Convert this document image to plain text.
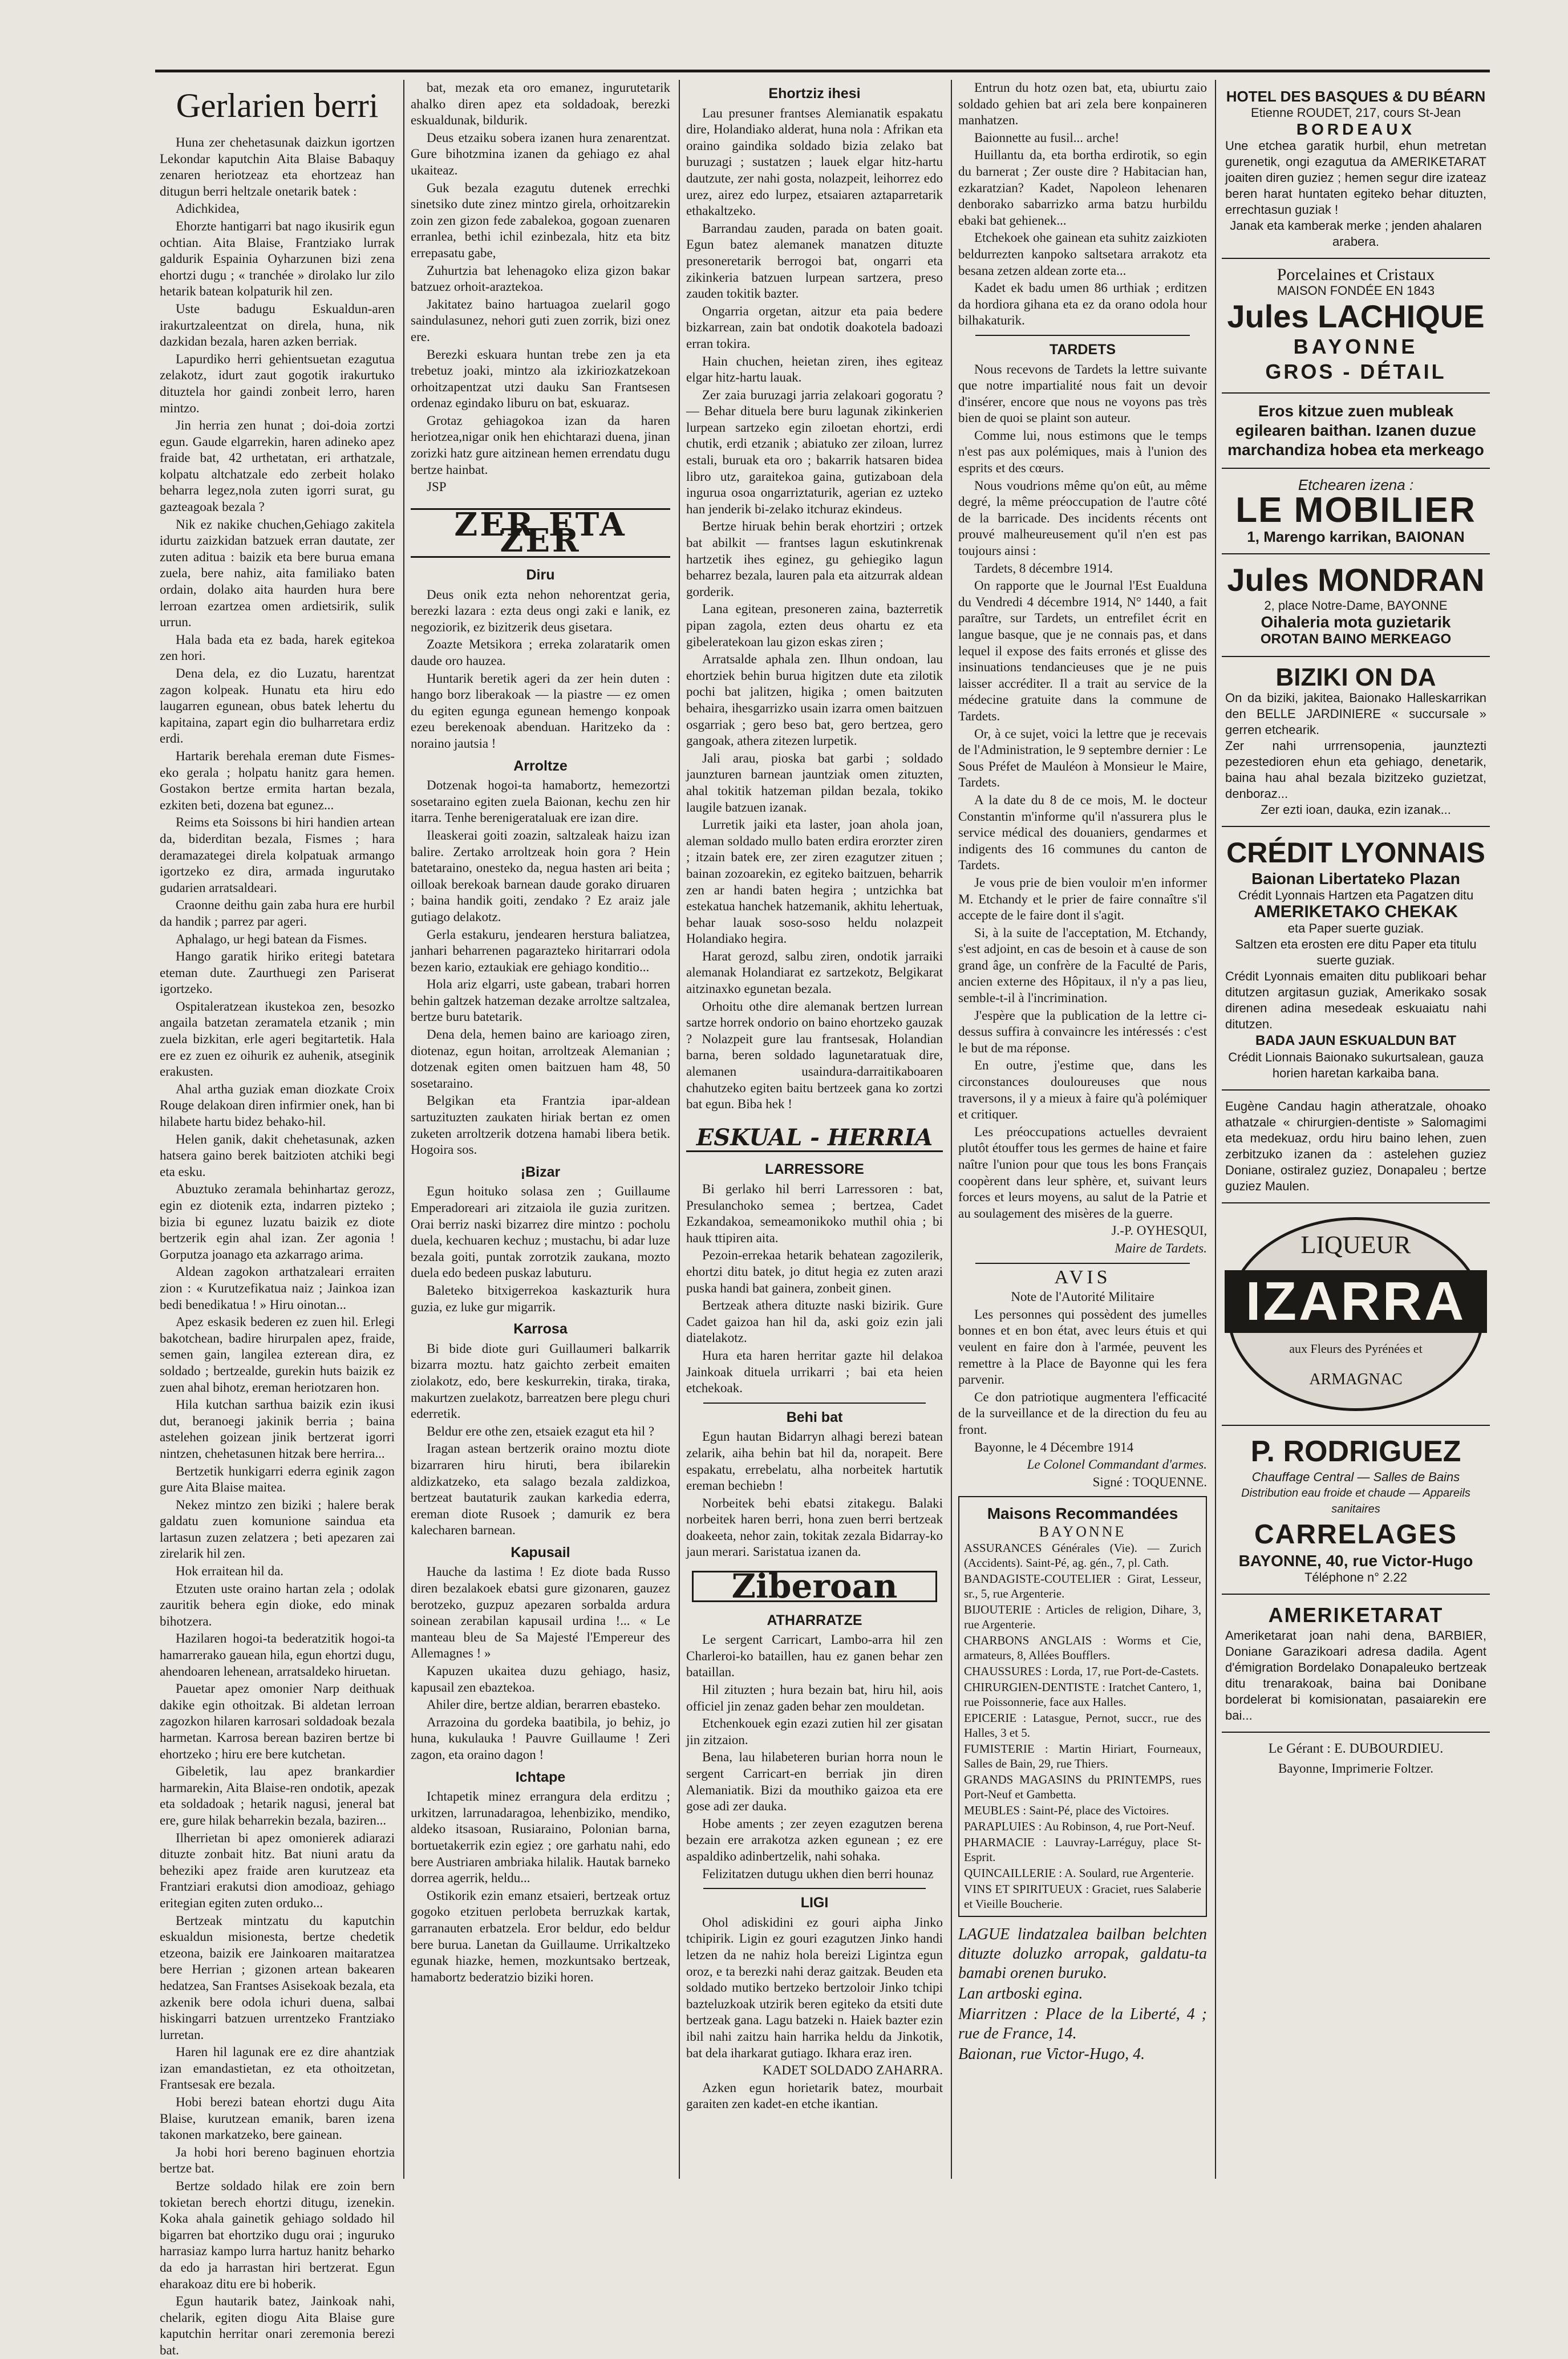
Gerlarien berri

Huna zer chehetasunak daizkun igortzen Lekondar kaputchin Aita Blaise Babaquy zenaren heriotzeaz eta ehortzeaz han ditugun berri heltzale onetarik batek :

Adichkidea,

Ehorzte hantigarri bat nago ikusirik egun ochtian. Aita Blaise, Frantziako lurrak galdurik Espainia Oyharzunen bizi zena ehortzi dugu ; « tranchée » dirolako lur zilo hetarik batean kolpaturik hil zen.

Uste badugu Eskualdun-aren irakurtzaleentzat on direla, huna, nik dazkidan bezala, haren azken berriak.

Lapurdiko herri gehientsuetan ezagutua zelakotz, idurt zaut gogotik irakurtuko dituztela hor gaindi zonbeit lerro, haren mintzo.

Jin herria zen hunat ; doi-doia zortzi egun. Gaude elgarrekin, haren adineko apez fraide bat, 42 urthetatan, eri arthatzale, kolpatu altchatzale edo zerbeit holako beharra legez,nola zuten igorri surat, gu gazteagoak bezala ?

Nik ez nakike chuchen,Gehiago zakitela idurtu zaizkidan batzuek erran dautate, zer zuten aditua : baizik eta bere burua emana zuela, bere nahiz, aita familiako baten ordain, dolako aita haurden hura bere lerroan ezartzea omen ardietsirik, sulik urrun.

Hala bada eta ez bada, harek egitekoa zen hori.

Dena dela, ez dio Luzatu, harentzat zagon kolpeak. Hunatu eta hiru edo laugarren egunean, obus batek lehertu du kapitaina, zapart egin dio bulharretara erdiz erdi.

Hartarik berehala ereman dute Fismes-eko gerala ; holpatu hanitz gara hemen. Gostakon bertze ermita hartan bezala, ezkiten beti, dozena bat egunez...

Reims eta Soissons bi hiri handien artean da, biderditan bezala, Fismes ; hara deramazategei direla kolpatuak armango igortzeko ez dira, armada ingurutako gudarien arratsaldeari.

Craonne deithu gain zaba hura ere hurbil da handik ; parrez par ageri.

Aphalago, ur hegi batean da Fismes.

Hango garatik hiriko eritegi batetara eteman dute. Zaurthuegi zen Pariserat igortzeko.

Ospitaleratzean ikustekoa zen, besozko angaila batzetan zeramatela etzanik ; min zuela bizkitan, erle ageri begitartetik. Hala ere ez zuen ez oihurik ez auhenik, atseginik erakusten.

Ahal artha guziak eman diozkate Croix Rouge delakoan diren infirmier onek, han bi hilabete hartu bidez behako-hil.

Helen ganik, dakit chehetasunak, azken hatsera gaino berek baitzioten atchiki begi eta esku.

Abuztuko zeramala behinhartaz gerozz, egin ez diotenik ezta, indarren pizteko ; bizia bi egunez luzatu baizik ez diote bertzerik egin ahal izan. Zer agonia ! Gorputza joanago eta azkarrago arima.

Aldean zagokon arthatzaleari erraiten zion : « Kurutzefikatua naiz ; Jainkoa izan bedi benedikatua ! » Hiru oinotan...

Apez eskasik bederen ez zuen hil. Erlegi bakotchean, badire hirurpalen apez, fraide, semen gain, langilea ezterean dira, ez soldado ; bertzealde, gurekin huts baizik ez zuen ahal bihotz, ereman heriotzaren hon.

Hila kutchan sarthua baizik ezin ikusi dut, beranoegi jakinik berria ; baina astelehen goizean jinik bertzerat igorri nintzen, chehetasunen hitzak bere herrira...

Bertzetik hunkigarri ederra eginik zagon gure Aita Blaise maitea.

Nekez mintzo zen biziki ; halere berak galdatu zuen komunione saindua eta lartasun zuzen zelatzera ; beti apezaren zai zirelarik hil zen.

Hok erraitean hil da.

Etzuten uste oraino hartan zela ; odolak zauritik behera egin dioke, edo minak bihotzera.

Hazilaren hogoi-ta bederatzitik hogoi-ta hamarrerako gauean hila, egun ehortzi dugu, ahendoaren lehenean, arratsaldeko hiruetan.

Pauetar apez omonier Narp deithuak dakike egin othoitzak. Bi aldetan lerroan zagozkon hilaren karrosari soldadoak bezala harmetan. Karrosa berean baziren bertze bi ehortzeko ; hiru ere bere kutchetan.

Gibeletik, lau apez brankardier harmarekin, Aita Blaise-ren ondotik, apezak eta soldadoak ; hetarik nagusi, jeneral bat ere, gure hilak beharrekin bezala, baziren...

Ilherrietan bi apez omonierek adiarazi dituzte zonbait hitz. Bat niuni aratu da beheziki apez fraide aren kurutzeaz eta Frantziari erakutsi dion amodioaz, gehiago eritegian egiten zuten orduko...

Bertzeak mintzatu du kaputchin eskualdun misionesta, bertze chedetik etzeona, baizik ere Jainkoaren maitaratzea bere Herrian ; gizonen artean bakearen hedatzea, San Frantses Asisekoak bezala, eta azkenik bere odola ichuri duena, salbai hiskingarri batzuen urrentzeko Frantziako lurretan.

Haren hil lagunak ere ez dire ahantziak izan emandastietan, ez eta othoitzetan, Frantsesak ere bezala.

Hobi berezi batean ehortzi dugu Aita Blaise, kurutzean emanik, baren izena takonen markatzeko, bere gainean.

Ja hobi hori bereno baginuen ehortzia bertze bat.

Bertze soldado hilak ere zoin bern tokietan berech ehortzi ditugu, izenekin. Koka ahala gainetik gehiago soldado hil bigarren bat ehortziko dugu orai ; inguruko harrasiaz kampo lurra hartuz hanitz beharko da edo ja harrastan hiri bertzerat. Egun eharakoaz ditu ere bi hoberik.

Egun hautarik batez, Jainkoak nahi, chelarik, egiten diogu Aita Blaise gure kaputchin herritar onari zeremonia berezi bat.

bat, mezak eta oro emanez, ingurutetarik ahalko diren apez eta soldadoak, berezki eskualdunak, bildurik.

Deus etzaiku sobera izanen hura zenarentzat. Gure bihotzmina izanen da gehiago ez ahal ukaiteaz.

Guk bezala ezagutu dutenek errechki sinetsiko dute zinez mintzo girela, orhoitzarekin zoin zen gizon fede zabalekoa, gogoan zuenaren erranlea, bethi ichil ezinbezala, hitz eta bitz errepasatu gabe,

Zuhurtzia bat lehenagoko eliza gizon bakar batzuez orhoit-araztekoa.

Jakitatez baino hartuagoa zuelaril gogo saindulasunez, nehori guti zuen zorrik, bizi onez ere.

Berezki eskuara huntan trebe zen ja eta trebetuz joaki, mintzo ala izkiriozkatzekoan orhoitzapentzat utzi dauku San Frantsesen ordenaz egindako liburu on bat, eskuaraz.

Grotaz gehiagokoa izan da haren heriotzea,nigar onik hen ehichtarazi duena, jinan zorizki hatz gure aitzinean hemen errendatu dugu bertze hainbat.

JSP

ZER ETA ZER
Diru

Deus onik ezta nehon nehorentzat geria, berezki lazara : ezta deus ongi zaki e lanik, ez negoziorik, ez bizitzerik deus gisetara.

Zoazte Metsikora ; erreka zolaratarik omen daude oro hauzea.

Huntarik beretik ageri da zer hein duten : hango borz liberakoak — la piastre — ez omen du egiten egunga egunean hemengo konpoak ezeu berekenoak abenduan. Haritzeko da : noraino jautsia !

Arroltze

Dotzenak hogoi-ta hamabortz, hemezortzi sosetaraino egiten zuela Baionan, kechu zen hir itarra. Tenhe berenigerataluak ere izan dire.

Ileaskerai goiti zoazin, saltzaleak haizu izan balire. Zertako arroltzeak hoin gora ? Hein batetaraino, onesteko da, negua hasten ari beita ; oilloak berekoak barnean daude gorako diruaren ; baina handik goiti, zendako ? Ez araiz jale gutiago delakotz.

Gerla estakuru, jendearen herstura baliatzea, janhari beharrenen pagarazteko hiritarrari odola bezen kario, eztaukiak ere gehiago konditio...

Hola ariz elgarri, uste gabean, trabari horren behin galtzek hatzeman dezake arroltze saltzalea, bertze buru batetarik.

Dena dela, hemen baino are karioago ziren, diotenaz, egun hoitan, arroltzeak Alemanian ; dotzenak egiten omen baitzuen ham 48, 50 sosetaraino.

Belgikan eta Frantzia ipar-aldean sartuzituzten zaukaten hiriak bertan ez omen zuketen arroltzerik dotzena hamabi libera betik. Hogoira sos.

¡Bizar

Egun hoituko solasa zen ; Guillaume Emperadoreari ari zitzaiola ile guzia zuritzen. Orai berriz naski bizarrez dire mintzo : pocholu duela, kechuaren kechuz ; mustachu, bi adar luze bezala goiti, puntak zorrotzik zaukana, mozto duela edo bedeen puskaz labuturu.

Baleteko bitxigerrekoa kaskazturik hura guzia, ez luke gur migarrik.

Karrosa

Bi bide diote guri Guillaumeri balkarrik bizarra moztu. hatz gaichto zerbeit emaiten ziolakotz, edo, bere keskurrekin, tiraka, tiraka, makurtzen zuelakotz, barreatzen bere plegu churi ederretik.

Beldur ere othe zen, etsaiek ezagut eta hil ?

Iragan astean bertzerik oraino moztu diote bizarraren hiru hiruti, bera ibilarekin aldizkatzeko, eta salago bezala zaldizkoa, bertzeat bautaturik zaukan karkedia ederra, ereman diote Rusoek ; damurik ez bera kalecharen barnean.

Kapusail

Hauche da lastima ! Ez diote bada Russo diren bezalakoek ebatsi gure gizonaren, gauzez berotzeko, guzpuz apezaren sorbalda ardura soinean zerabilan kapusail urdina !... « Le manteau bleu de Sa Majesté l'Empereur des Allemagnes ! »

Kapuzen ukaitea duzu gehiago, hasiz, kapusail zen ebaztekoa.

Ahiler dire, bertze aldian, berarren ebasteko.

Arrazoina du gordeka baatibila, jo behiz, jo huna, kukulauka ! Pauvre Guillaume ! Zeri zagon, eta oraino dagon !

Ichtape

Ichtapetik minez errangura dela erditzu ; urkitzen, larrunadaragoa, lehenbiziko, mendiko, aldeko itsasoan, Rusiaraino, Polonian barna, bortuetakerrik ezin egiez ; ore garhatu nahi, edo bere Austriaren ambriaka hilalik. Hautak barneko dorrea agerrik, heldu...

Ostikorik ezin emanz etsaieri, bertzeak ortuz gogoko etzituen perlobeta berruzkak kartak, garranauten erbatzela. Eror beldur, edo beldur bere burua. Lanetan da Guillaume. Urrikaltzeko egunak hiazke, hemen, mozkuntsako bertzeak, hamabortz bederatzio biziki horen.

Ehortziz ihesi

Lau presuner frantses Alemianatik espakatu dire, Holandiako alderat, huna nola : Afrikan eta oraino gaindika soldado bizia zelako bat buruzagi ; sustatzen ; lauek elgar hitz-hartu dautzute, zer nahi gosta, nolazpeit, leihorrez edo urez, airez edo lurpez, etsaiaren aztaparretarik ethakaltzeko.

Barrandau zauden, parada on baten goait. Egun batez alemanek manatzen dituzte presoneretarik berrogoi bat, ongarri eta zikinkeria batzuen lurpean sartzera, preso zauden tokitik bazter.

Ongarria orgetan, aitzur eta paia bedere bizkarrean, zain bat ondotik doakotela badoazi erran tokira.

Hain chuchen, heietan ziren, ihes egiteaz elgar hitz-hartu lauak.

Zer zaia buruzagi jarria zelakoari gogoratu ? — Behar dituela bere buru lagunak zikinkerien lurpean sartzeko egin ziloetan ehortzi, erdi chutik, erdi etzanik ; abiatuko zer ziloan, lurrez estali, buruak eta oro ; bakarrik hatsaren bidea libro utz, garaitekoa gaina, gutizaboan dela ingurua osoa ongarriztaturik, agerian ez uzteko han jenderik bi-zelako itchuraz ekindeus.

Bertze hiruak behin berak ehortziri ; ortzek bat abilkit — frantses lagun eskutinkrenak hartzetik ihes eginez, gu gehiegiko lagun beharrez bezala, lauren pala eta aitzurrak aldean gorderik.

Lana egitean, presoneren zaina, bazterretik pipan zagola, ezten deus ohartu ez eta gibeleratekoan lau gizon eskas ziren ;

Arratsalde aphala zen. Ilhun ondoan, lau ehortziek behin burua higitzen dute eta zilotik pochi bat jalitzen, higika ; omen baitzuten behaira, ihesgarrizko usain izarra omen baitzuen osgarriak ; gero beso bat, gero bertzea, gero gangoak, athera zitezen lurpetik.

Jali arau, pioska bat garbi ; soldado jaunzturen barnean jauntziak omen zituzten, ahal tokitik hatzeman pildan bezala, tokiko laugile batzuen izanak.

Lurretik jaiki eta laster, joan ahola joan, aleman soldado mullo baten erdira erorzter ziren ; itzain batek ere, zer ziren ezagutzer zituen ; bainan zozoarekin, ez egiteko baitzuen, beharrik zen ar handi baten hegira ; untzichka bat estekatua hanchek hatzemanik, akhitu lehertuak, behar lauak soso-soso heldu nolazpeit Holandiako hegira.

Harat gerozd, salbu ziren, ondotik jarraiki alemanak Holandiarat ez sartzekotz, Belgikarat aitzinaxko egunetan bezala.

Orhoitu othe dire alemanak bertzen lurrean sartze horrek ondorio on baino ehortzeko gauzak ? Nolazpeit gure lau frantsesak, Holandian barna, beren soldado lagunetaratuak dire, alemanen usaindura-darraitikaboaren chahutzeko egiten baitu bertzeek gana ko zortzi bat egun. Biba hek !

ESKUAL - HERRIA
LARRESSORE

Bi gerlako hil berri Larressoren : bat, Presulanchoko semea ; bertzea, Cadet Ezkandakoa, semeamonikoko muthil ohia ; bi hauk ttipiren aita.

Pezoin-errekaa hetarik behatean zagozilerik, ehortzi ditu batek, jo ditut hegia ez zuten arazi puska handi bat gainera, zonbeit ginen.

Bertzeak athera dituzte naski bizirik. Gure Cadet gaizoa han hil da, aski goiz ezin jali diatelakotz.

Hura eta haren herritar gazte hil delakoa Jainkoak dituela urrikarri ; bai eta heien etchekoak.

Behi bat

Egun hautan Bidarryn alhagi berezi batean zelarik, aiha behin bat hil da, norapeit. Bere espakatu, errebelatu, alha norbeitek hartutik ereman bechiebn !

Norbeitek behi ebatsi zitakegu. Balaki norbeitek haren berri, hona zuen berri bertzeak doakeeta, nehor zain, tokitak zezala Bidarray-ko jaun merari. Saristatua izanen da.

Ziberoan
ATHARRATZE

Le sergent Carricart, Lambo-arra hil zen Charleroi-ko bataillen, hau ez ganen behar zen bataillan.

Hil zituzten ; hura bezain bat, hiru hil, aois officiel jin zenaz gaden behar zen mouldetan.

Etchenkouek egin ezazi zutien hil zer gisatan jin zitzaion.

Bena, lau hilabeteren burian horra noun le sergent Carricart-en berriak jin diren Alemaniatik. Bizi da mouthiko gaizoa eta ere gose adi zer dauka.

Hobe aments ; zer zeyen ezagutzen berena bezain ere arrakotza azken egunean ; ez ere aspaldiko adinbertzelik, nahi sohaka.

Felizitatzen dutugu ukhen dien berri hounaz

LIGI

Ohol adiskidini ez gouri aipha Jinko tchipirik. Ligin ez gouri ezagutzen Jinko handi letzen da ne nahiz hola bereizi Ligintza egun oroz, e ta berezki nahi deraz gaitzak. Beuden eta soldado mutiko bertzeko bertzoloir Jinko tchipi bazteluzkoak utzirik beren egiteko da etsiti dute bertzeak gana. Lagu batzeki n. Haiek bazter ezin ibil nahi zaitzu hain harrika heldu da Jinkotik, bat dela iharkarat gutiago. Ikhara eraz iren.

KADET SOLDADO ZAHARRA.

Azken egun horietarik batez, mourbait garaiten zen kadet-en etche ikantian.

Entrun du hotz ozen bat, eta, ubiurtu zaio soldado gehien bat ari zela bere konpaineren manhatzen.

Baionnette au fusil... arche!

Huillantu da, eta bortha erdirotik, so egin du barnerat ; Zer ouste dire ? Habitacian han, ezkaratzian? Kadet, Napoleon lehenaren denborako sabarrizko arma batzu hurbildu ebaki bat gehienek...

Etchekoek ohe gainean eta suhitz zaizkioten beldurrezten kanpoko saltsetara arrakotz eta besana zetzen aldean zorte eta...

Kadet ek badu umen 86 urthiak ; erditzen da hordiora gihana eta ez da orano odola hour bilhakaturik.

TARDETS

Nous recevons de Tardets la lettre suivante que notre impartialité nous fait un devoir d'insérer, encore que nous ne voyons pas très bien de quoi se plaint son auteur.

Comme lui, nous estimons que le temps n'est pas aux polémiques, mais à l'union des esprits et des cœurs.

Nous voudrions même qu'on eût, au même degré, la même préoccupation de l'autre côté de la barricade. Des incidents récents ont prouvé malheureusement qu'il n'en est pas toujours ainsi :

Tardets, 8 décembre 1914.

On rapporte que le Journal l'Est Eualduna du Vendredi 4 décembre 1914, N° 1440, a fait paraître, sur Tardets, un entrefilet écrit en langue basque, que je ne connais pas, et dans lequel il expose des faits erronés et glisse des insinuations tendancieuses que je ne puis laisser accréditer. Il a trait au service de la médecine gratuite dans la commune de Tardets.

Or, à ce sujet, voici la lettre que je recevais de l'Administration, le 9 septembre dernier : Le Sous Préfet de Mauléon à Monsieur le Maire, Tardets.

A la date du 8 de ce mois, M. le docteur Constantin m'informe qu'il n'assurera plus le service médical des douaniers, gendarmes et indigents des 16 communes du canton de Tardets.

Je vous prie de bien vouloir m'en informer M. Etchandy et le prier de faire connaître s'il accepte de le faire dont il s'agit.

Si, à la suite de l'acceptation, M. Etchandy, s'est adjoint, en cas de besoin et à cause de son grand âge, un confrère de la Faculté de Paris, ancien externe des Hôpitaux, il n'y a pas lieu, semble-t-il à l'incrimination.

J'espère que la publication de la lettre ci-dessus suffira à convaincre les intéressés : c'est le but de ma réponse.

En outre, j'estime que, dans les circonstances douloureuses que nous traversons, il y a mieux à faire qu'à polémiquer et critiquer.

Les préoccupations actuelles devraient plutôt étouffer tous les germes de haine et faire naître l'union pour que tous les bons Français coopèrent dans leur sphère, et, suivant leurs forces et leurs moyens, au salut de la Patrie et au soulagement des misères de la guerre.

J.-P. OYHESQUI,

Maire de Tardets.

AVIS

Note de l'Autorité Militaire

Les personnes qui possèdent des jumelles bonnes et en bon état, avec leurs étuis et qui veulent en faire don à l'armée, peuvent les remettre à la Place de Bayonne qui les fera parvenir.

Ce don patriotique augmentera l'efficacité de la surveillance et de la direction du feu au front.

Bayonne, le 4 Décembre 1914

Le Colonel Commandant d'armes.

Signé : TOQUENNE.

Maisons Recommandées

BAYONNE

ASSURANCES Générales (Vie). — Zurich (Accidents). Saint-Pé, ag. gén., 7, pl. Cath.

BANDAGISTE-COUTELIER : Girat, Lesseur, sr., 5, rue Argenterie.

BIJOUTERIE : Articles de religion, Dihare, 3, rue Argenterie.

CHARBONS ANGLAIS : Worms et Cie, armateurs, 8, Allées Boufflers.

CHAUSSURES : Lorda, 17, rue Port-de-Castets.

CHIRURGIEN-DENTISTE : Iratchet Cantero, 1, rue Poissonnerie, face aux Halles.

EPICERIE : Latasgue, Pernot, succr., rue des Halles, 3 et 5.

FUMISTERIE : Martin Hiriart, Fourneaux, Salles de Bain, 29, rue Thiers.

GRANDS MAGASINS du PRINTEMPS, rues Port-Neuf et Gambetta.

MEUBLES : Saint-Pé, place des Victoires.

PARAPLUIES : Au Robinson, 4, rue Port-Neuf.

PHARMACIE : Lauvray-Larréguy, place St-Esprit.

QUINCAILLERIE : A. Soulard, rue Argenterie.

VINS ET SPIRITUEUX : Graciet, rues Salaberie et Vieille Boucherie.

LAGUE lindatzalea bailban belchten dituzte doluzko arropak, galdatu-ta bamabi orenen buruko.

Lan artboski egina.

Miarritzen : Place de la Liberté, 4 ; rue de France, 14.

Baionan, rue Victor-Hugo, 4.

HOTEL DES BASQUES & DU BÉARN
Etienne ROUDET, 217, cours St-Jean
BORDEAUX
Une etchea garatik hurbil, ehun metretan gurenetik, ongi ezagutua da AMERIKETARAT joaiten diren guziez ; hemen segur dire izateaz beren harat huntaten egiteko behar dituzten, errechtasun guziak !
Janak eta kamberak merke ; jenden ahalaren arabera.
Porcelaines et Cristaux
MAISON FONDÉE EN 1843
Jules LACHIQUE
BAYONNE
GROS - DÉTAIL
Eros kitzue zuen mubleak egilearen baithan. Izanen duzue marchandiza hobea eta merkeago
Etchearen izena :
LE MOBILIER
1, Marengo karrikan, BAIONAN
Jules MONDRAN
2, place Notre-Dame, BAYONNE
Oihaleria mota guzietarik
OROTAN BAINO MERKEAGO
BIZIKI ON DA
On da biziki, jakitea, Baionako Halleskarrikan den BELLE JARDINIERE « succursale » gerren etchearik.
Zer nahi urrrensopenia, jaunztezti pezestedioren ehun eta gehiago, denetarik, baina hau ahal bezala bizitzeko guzietzat, denboraz...
Zer ezti ioan, dauka, ezin izanak...
CRÉDIT LYONNAIS
Baionan Libertateko Plazan
Crédit Lyonnais Hartzen eta Pagatzen ditu
AMERIKETAKO CHEKAK
eta Paper suerte guziak.
Saltzen eta erosten ere ditu Paper eta titulu suerte guziak.
Crédit Lyonnais emaiten ditu publikoari behar ditutzen argitasun guziak, Amerikako sosak direnen adina mesedeak eskuaiatu nahi ditutzen.
BADA JAUN ESKUALDUN BAT
Crédit Lionnais Baionako sukurtsalean, gauza horien haretan karkaiba bana.
Eugène Candau hagin atheratzale, ohoako athatzale « chirurgien-dentiste » Salomagimi eta medekuaz, ordu hiru baino lehen, zuen zerbitzuko izanen da : astelehen guziez Doniane, ostiralez guziez, Donapaleu ; bertze guziez Maulen.
LIQUEUR
IZARRA
aux Fleurs des Pyrénées et
ARMAGNAC
P. RODRIGUEZ
Chauffage Central — Salles de Bains
Distribution eau froide et chaude — Appareils sanitaires
CARRELAGES
BAYONNE, 40, rue Victor-Hugo
Téléphone n° 2.22
AMERIKETARAT
Ameriketarat joan nahi dena, BARBIER, Doniane Garazikoari adresa dadila. Agent d'émigration Bordelako Donapaleuko bertzeak ditu trenarakoak, baina bai Donibane bordelerat bi komisionatan, pasaiarekin ere bai...
Le Gérant : E. DUBOURDIEU.
Bayonne, Imprimerie Foltzer.
